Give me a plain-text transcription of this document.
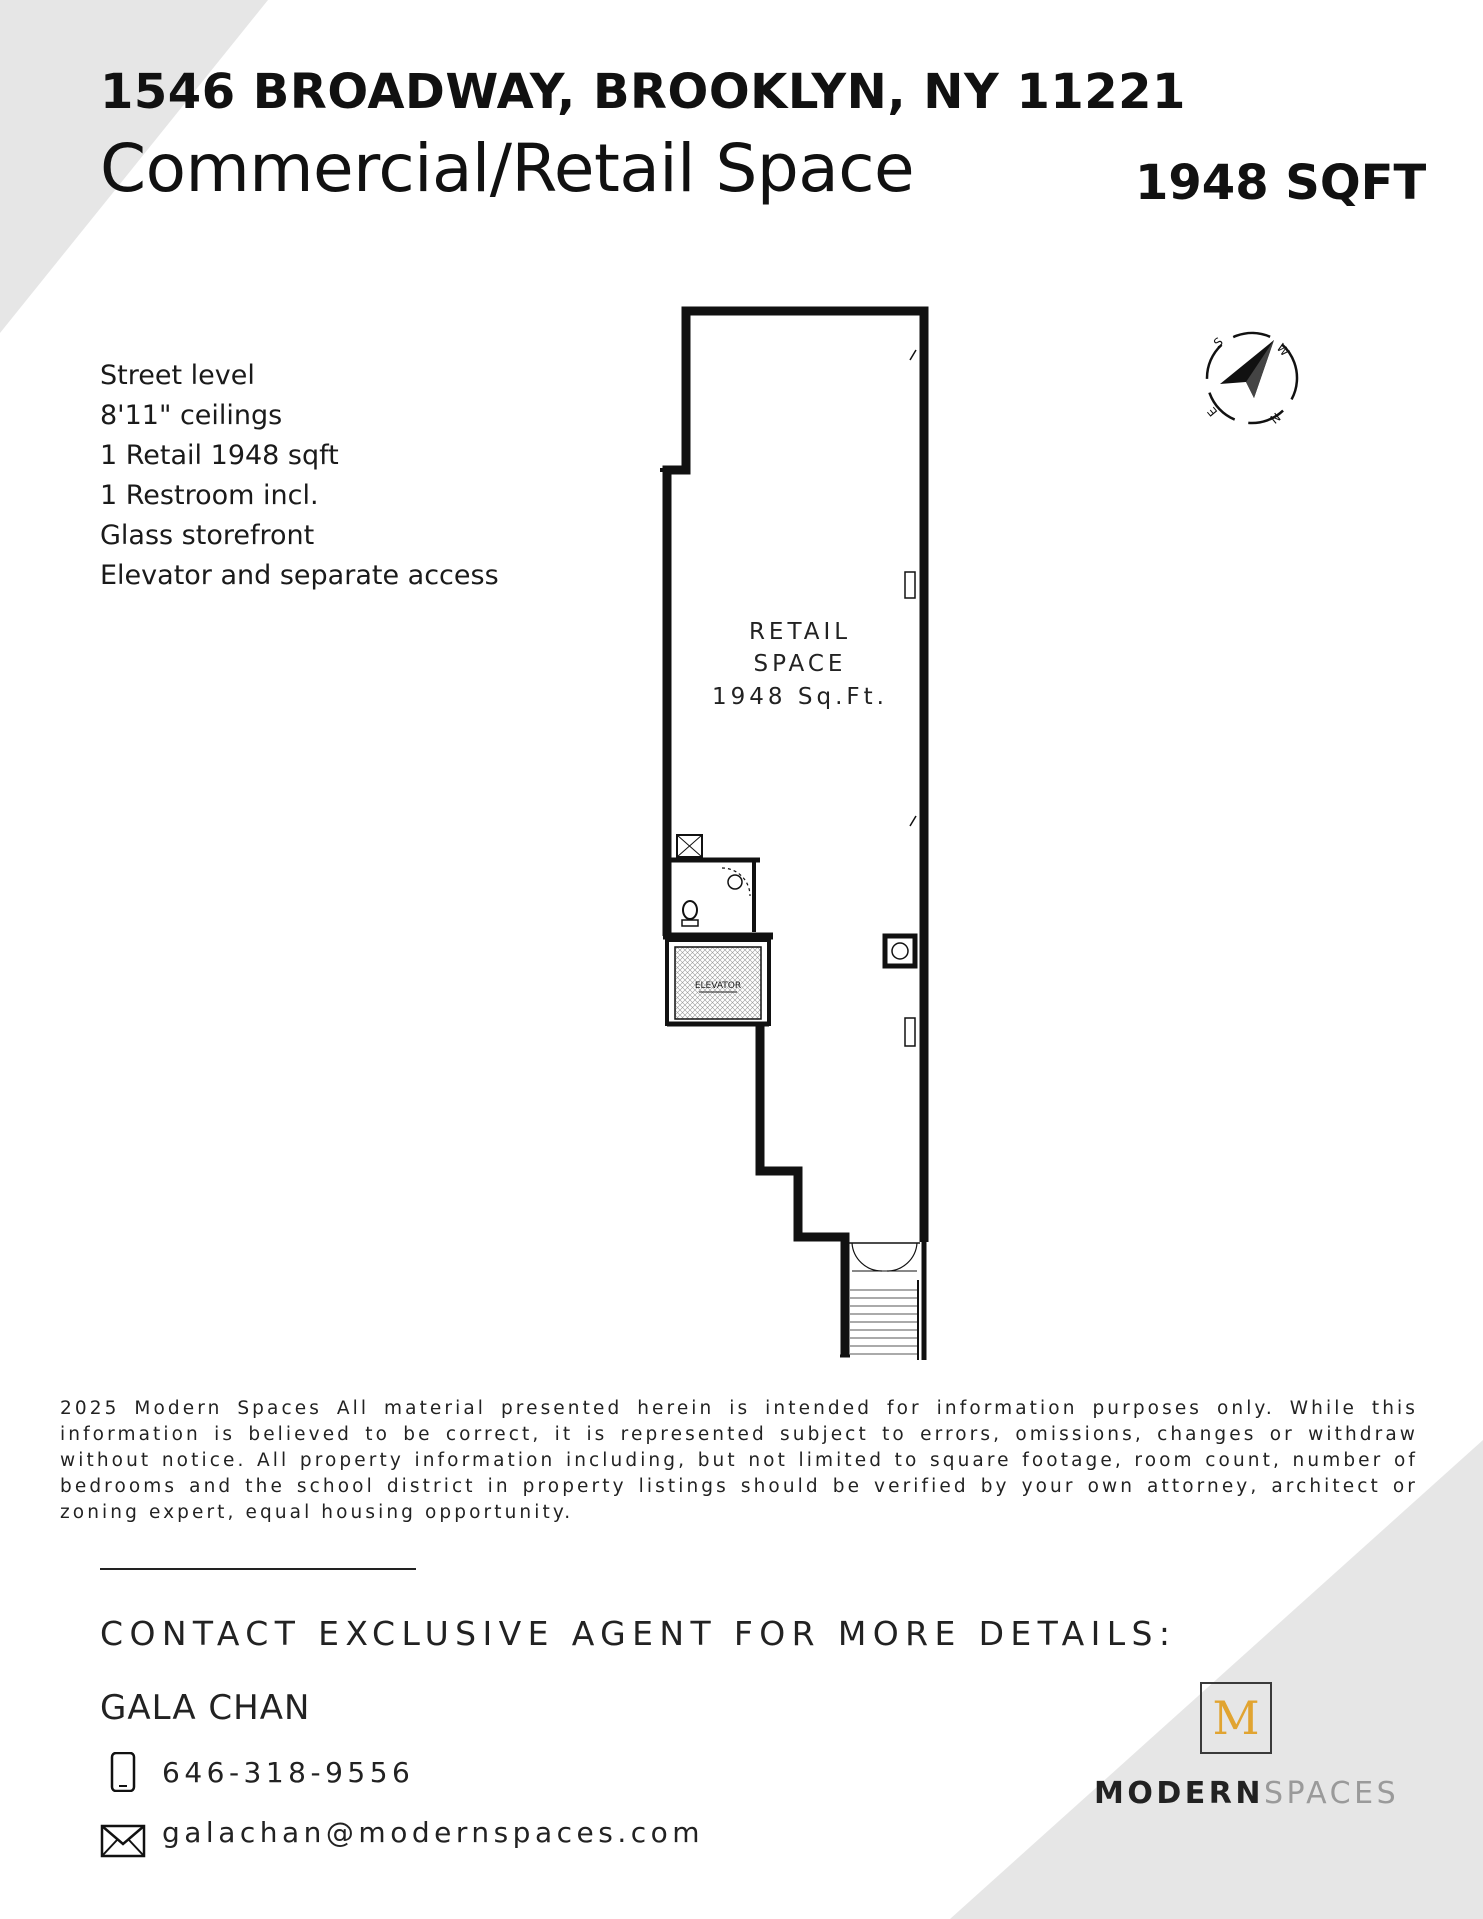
1546 BROADWAY, BROOKLYN, NY 11221
Commercial/Retail Space	1948 SQFT
Street level
8'11" ceilings
1 Retail 1948 sqft
1 Restroom incl.
Glass storefront
Elevator and separate access
ELEVATOR
RETAIL
SPACE
1948 Sq.Ft.
S	W
N
E

2025 Modern Spaces All material presented herein is intended for information purposes only. While this information is believed to be correct, it is represented subject to errors, omissions, changes or withdraw without notice. All property information including, but not limited to square footage, room count, number of bedrooms and the school district in property listings should be verified by your own attorney, architect or zoning expert, equal housing opportunity.

CONTACT EXCLUSIVE AGENT FOR MORE DETAILS:
GALA CHAN
646-318-9556
galachan@modernspaces.com
M
MODERNSPACES
